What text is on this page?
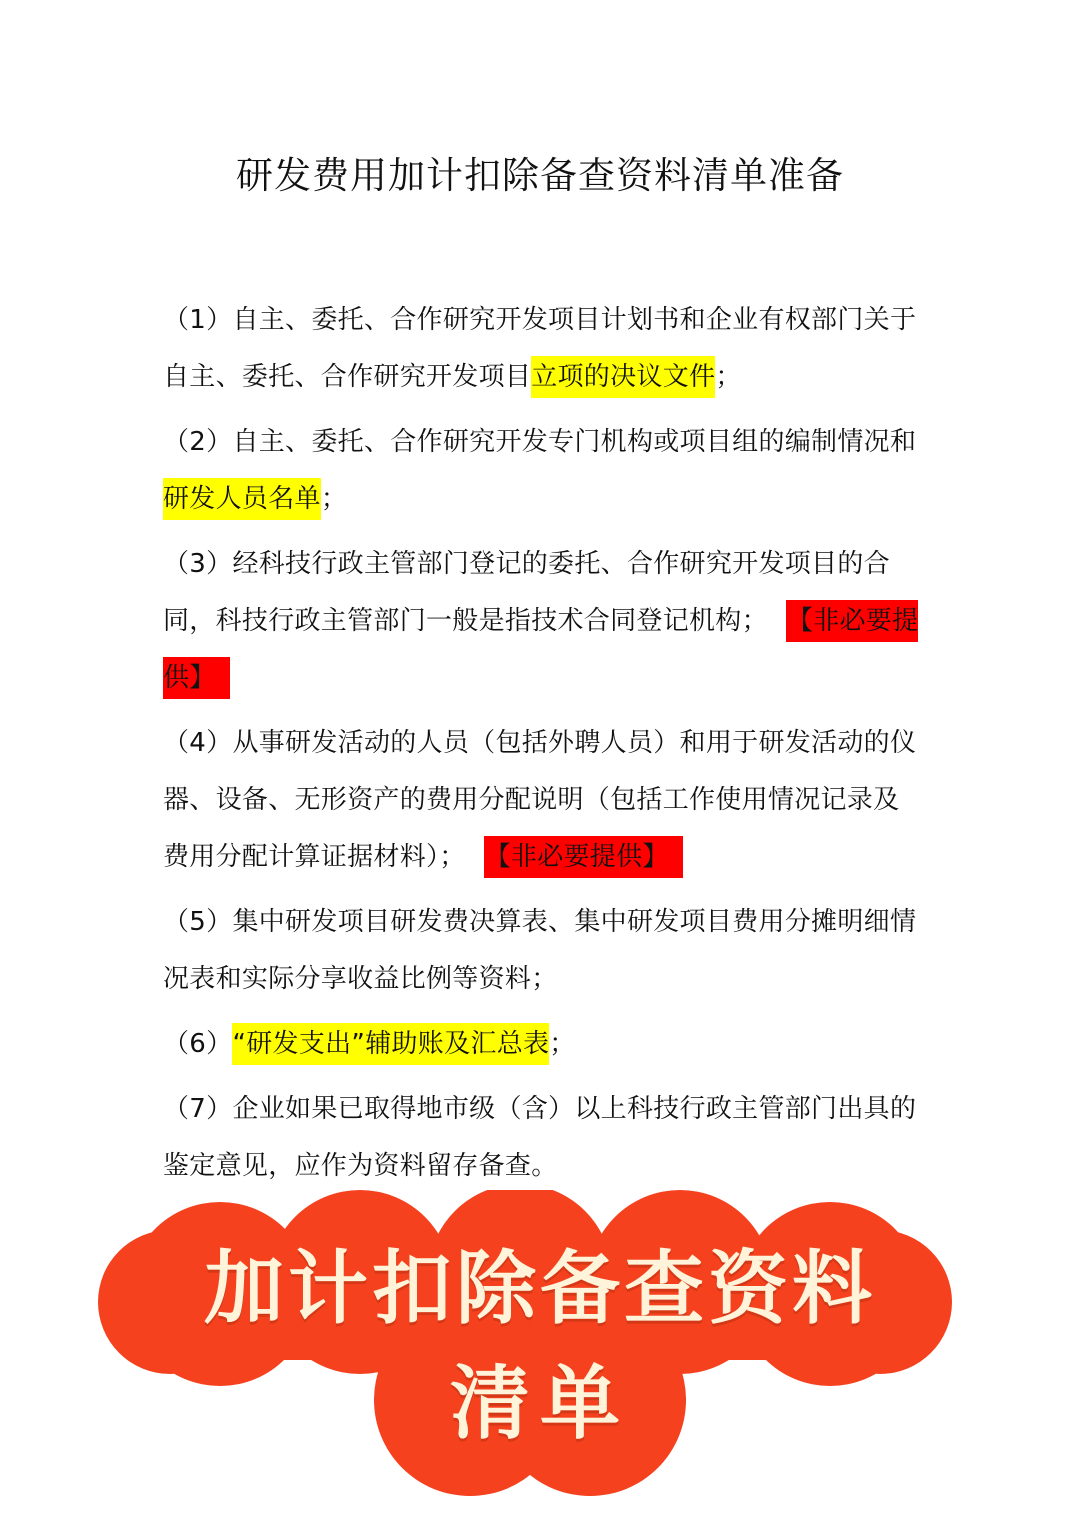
研发费用加计扣除备查资料清单准备

（1）自主、委托、合作研究开发项目计划书和企业有权部门关于自主、委托、合作研究开发项目立项的决议文件；

（2）自主、委托、合作研究开发专门机构或项目组的编制情况和研发人员名单；

（3）经科技行政主管部门登记的委托、合作研究开发项目的合同，科技行政主管部门一般是指技术合同登记机构； 【非必要提供】

（4）从事研发活动的人员（包括外聘人员）和用于研发活动的仪器、设备、无形资产的费用分配说明（包括工作使用情况记录及费用分配计算证据材料）； 【非必要提供】

（5）集中研发项目研发费决算表、集中研发项目费用分摊明细情况表和实际分享收益比例等资料；

（6）“研发支出”辅助账及汇总表；

（7）企业如果已取得地市级（含）以上科技行政主管部门出具的鉴定意见，应作为资料留存备查。

加计扣除备查资料
清单
